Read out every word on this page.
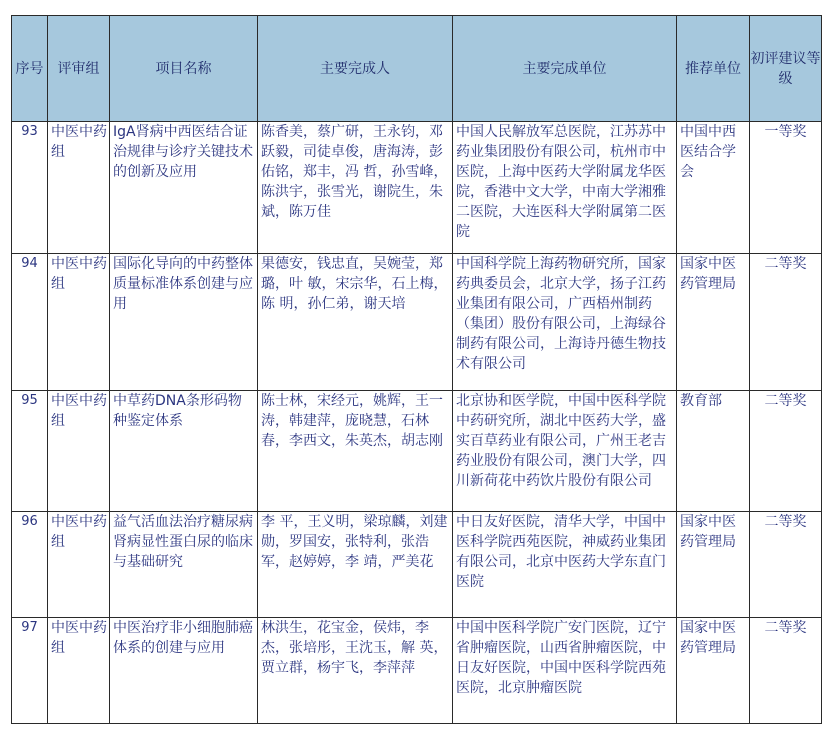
序号	评审组	项目名称	主要完成人	主要完成单位	推荐单位	初评建议等级
93	中医中药组	IgA肾病中西医结合证治规律与诊疗关键技术的创新及应用	陈香美，蔡广研，王永钧，邓跃毅，司徒卓俊，唐海涛，彭佑铭，郑丰，冯 哲，孙雪峰，陈洪宇，张雪光，谢院生，朱斌，陈万佳	中国人民解放军总医院，江苏苏中药业集团股份有限公司，杭州市中医院，上海中医药大学附属龙华医院，香港中文大学，中南大学湘雅二医院，大连医科大学附属第二医院	中国中西医结合学会	一等奖
94	中医中药组	国际化导向的中药整体质量标准体系创建与应用	果德安，钱忠直，吴婉莹，郑 璐，叶 敏，宋宗华，石上梅，陈 明，孙仁弟，谢天培	中国科学院上海药物研究所，国家药典委员会，北京大学，扬子江药业集团有限公司，广西梧州制药（集团）股份有限公司，上海绿谷制药有限公司，上海诗丹德生物技术有限公司	国家中医药管理局	二等奖
95	中医中药组	中草药DNA条形码物种鉴定体系	陈士林，宋经元，姚辉，王一涛，韩建萍，庞晓慧，石林春，李西文，朱英杰，胡志刚	北京协和医学院，中国中医科学院中药研究所，湖北中医药大学，盛实百草药业有限公司，广州王老吉药业股份有限公司，澳门大学，四川新荷花中药饮片股份有限公司	教育部	二等奖
96	中医中药组	益气活血法治疗糖尿病肾病显性蛋白尿的临床与基础研究	李 平，王义明，梁琼麟，刘建勋，罗国安，张特利，张浩军，赵婷婷，李 靖，严美花	中日友好医院，清华大学，中国中医科学院西苑医院，神威药业集团有限公司，北京中医药大学东直门医院	国家中医药管理局	二等奖
97	中医中药组	中医治疗非小细胞肺癌体系的创建与应用	林洪生，花宝金，侯炜，李 杰，张培彤，王沈玉，解 英，贾立群，杨宇飞，李萍萍	中国中医科学院广安门医院，辽宁省肿瘤医院，山西省肿瘤医院，中日友好医院，中国中医科学院西苑医院，北京肿瘤医院	国家中医药管理局	二等奖
